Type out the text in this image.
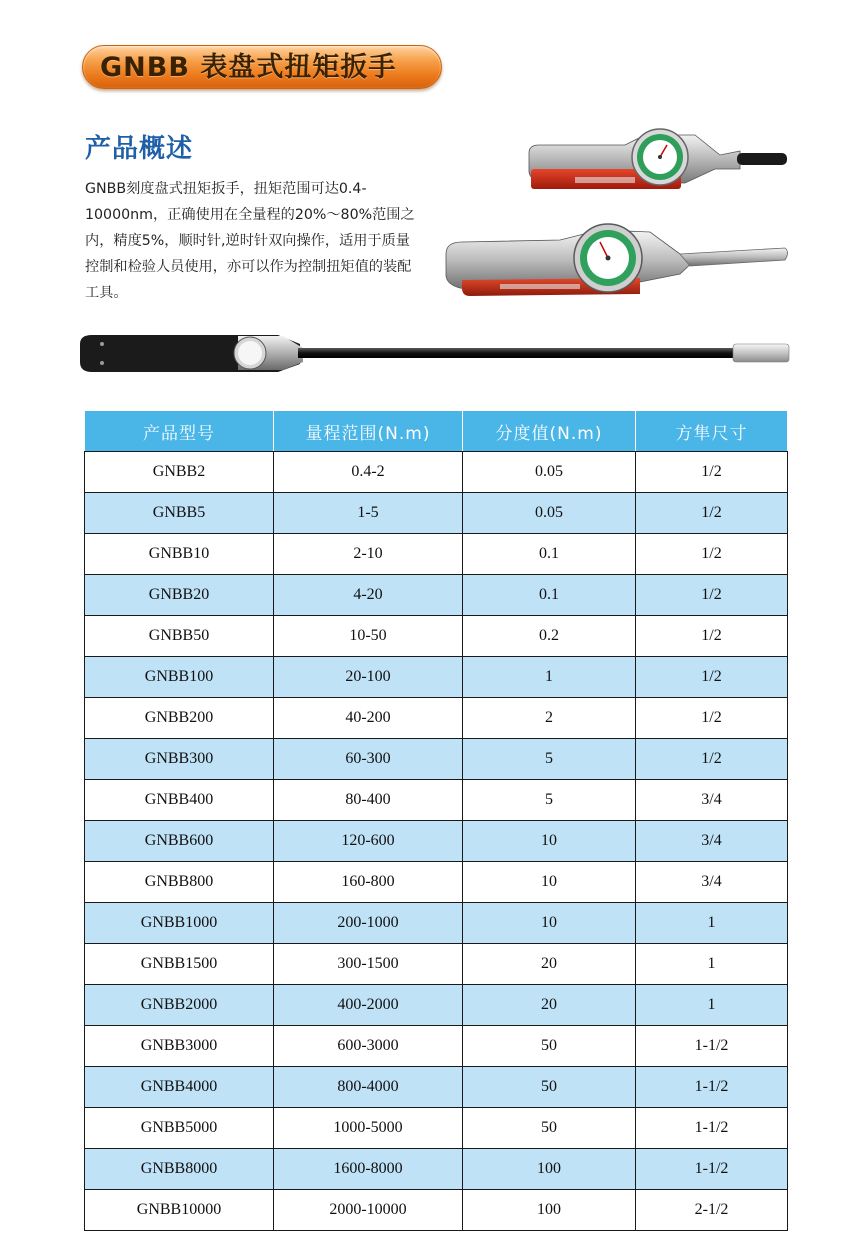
GNBB 表盘式扭矩扳手
产品概述

GNBB刻度盘式扭矩扳手，扭矩范围可达0.4-10000nm，正确使用在全量程的20%～80%范围之内，精度5%，顺时针,逆时针双向操作，适用于质量控制和检验人员使用，亦可以作为控制扭矩值的装配工具。

产品型号	量程范围(N.m)	分度值(N.m)	方隼尺寸
GNBB2	0.4-2	0.05	1/2
GNBB5	1-5	0.05	1/2
GNBB10	2-10	0.1	1/2
GNBB20	4-20	0.1	1/2
GNBB50	10-50	0.2	1/2
GNBB100	20-100	1	1/2
GNBB200	40-200	2	1/2
GNBB300	60-300	5	1/2
GNBB400	80-400	5	3/4
GNBB600	120-600	10	3/4
GNBB800	160-800	10	3/4
GNBB1000	200-1000	10	1
GNBB1500	300-1500	20	1
GNBB2000	400-2000	20	1
GNBB3000	600-3000	50	1-1/2
GNBB4000	800-4000	50	1-1/2
GNBB5000	1000-5000	50	1-1/2
GNBB8000	1600-8000	100	1-1/2
GNBB10000	2000-10000	100	2-1/2
